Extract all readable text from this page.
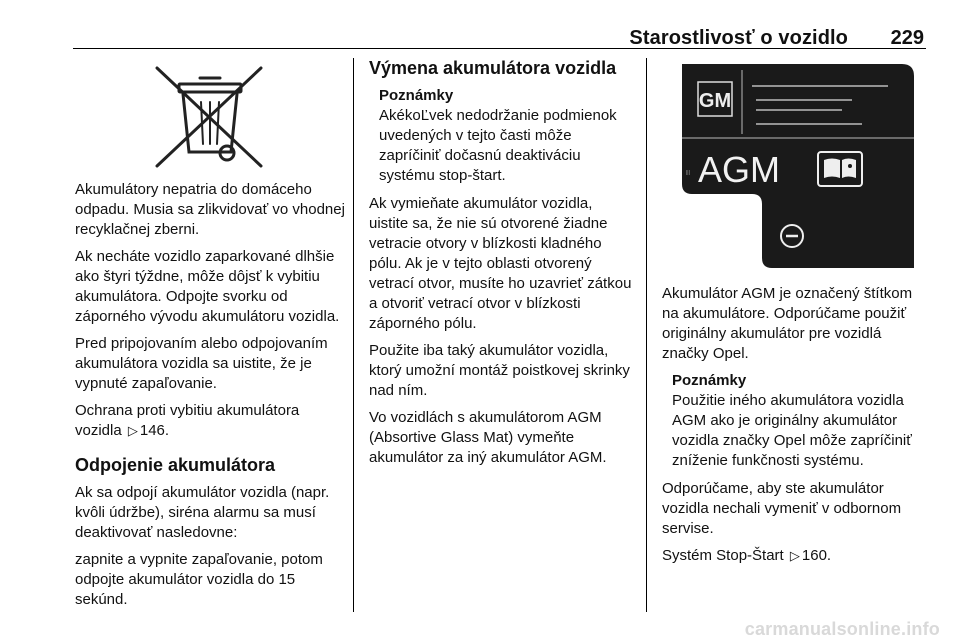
Starostlivosť o vozidlo 229

Akumulátory nepatria do domáceho odpadu. Musia sa zlikvidovať vo vhodnej recyklačnej zberni.

Ak necháte vozidlo zaparkované dlhšie ako štyri týždne, môže dôjsť k vybitiu akumulátora. Odpojte svorku od záporného vývodu akumulátoru vozidla.

Pred pripojovaním alebo odpojovaním akumulátora vozidla sa uistite, že je vypnuté zapaľovanie.

Ochrana proti vybitiu akumulátora vozidla ▷ 146.

Odpojenie akumulátora

Ak sa odpojí akumulátor vozidla (napr. kvôli údržbe), siréna alarmu sa musí deaktivovať nasledovne:

zapnite a vypnite zapaľovanie, potom odpojte akumulátor vozidla do 15 sekúnd.

Výmena akumulátora vozidla
Poznámky
AkékoĽvek nedodržanie podmienok uvedených v tejto časti môže zapríčiniť dočasnú deaktiváciu systému stop-štart.

Ak vymieňate akumulátor vozidla, uistite sa, že nie sú otvorené žiadne vetracie otvory v blízkosti kladného pólu. Ak je v tejto oblasti otvorený vetrací otvor, musíte ho uzavrieť zátkou a otvoriť vetrací otvor v blízkosti záporného pólu.

Použite iba taký akumulátor vozidla, ktorý umožní montáž poistkovej skrinky nad ním.

Vo vozidlách s akumulátorom AGM (Absortive Glass Mat) vymeňte akumulátor za iný akumulátor AGM.

GM
AGM
|||

Akumulátor AGM je označený štítkom na akumulátore. Odporúčame použiť originálny akumulátor pre vozidlá značky Opel.

Poznámky
Použitie iného akumulátora vozidla AGM ako je originálny akumulátor vozidla značky Opel môže zapríčiniť zníženie funkčnosti systému.

Odporúčame, aby ste akumulátor vozidla nechali vymeniť v odbornom servise.

Systém Stop-Štart ▷ 160.

carmanualsonline.info
